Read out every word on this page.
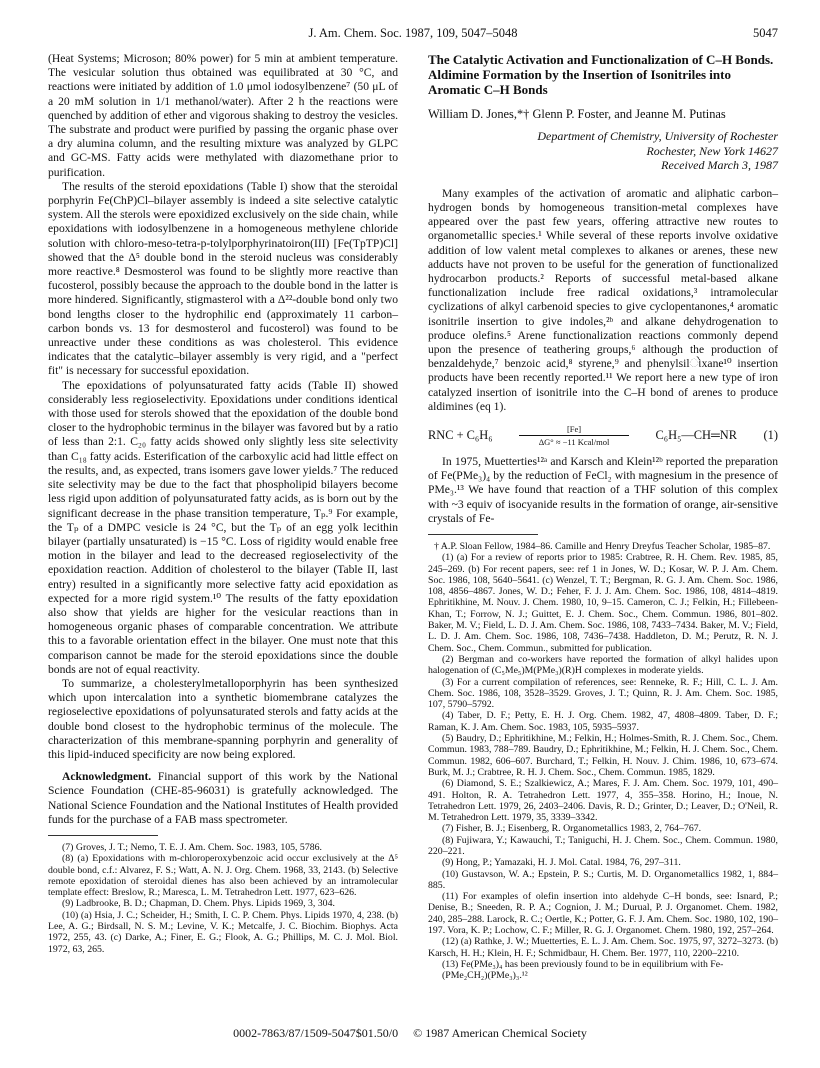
J. Am. Chem. Soc. 1987, 109, 5047–5048	5047

(Heat Systems; Microson; 80% power) for 5 min at ambient temperature. The vesicular solution thus obtained was equilibrated at 30 °C, and reactions were initiated by addition of 1.0 μmol iodosylbenzene⁷ (50 μL of a 20 mM solution in 1/1 methanol/water). After 2 h the reactions were quenched by addition of ether and vigorous shaking to destroy the vesicles. The substrate and product were purified by passing the organic phase over a dry alumina column, and the resulting mixture was analyzed by GLPC and GC-MS. Fatty acids were methylated with diazomethane prior to purification.

The results of the steroid epoxidations (Table I) show that the steroidal porphyrin Fe(ChP)Cl–bilayer assembly is indeed a site selective catalytic system. All the sterols were epoxidized exclusively on the side chain, while epoxidations with iodosylbenzene in a homogeneous methylene chloride solution with chloro-meso-tetra-p-tolylporphyrinatoiron(III) [Fe(TpTP)Cl] showed that the Δ⁵ double bond in the steroid nucleus was considerably more reactive.⁸ Desmosterol was found to be slightly more reactive than fucosterol, possibly because the approach to the double bond in the latter is more hindered. Significantly, stigmasterol with a Δ²²-double bond only two bond lengths closer to the hydrophilic end (approximately 11 carbon–carbon bonds vs. 13 for desmosterol and fucosterol) was found to be unreactive under these conditions as was cholesterol. This evidence indicates that the catalytic–bilayer assembly is very rigid, and a "perfect fit" is necessary for successful epoxidation.

The epoxidations of polyunsaturated fatty acids (Table II) showed considerably less regioselectivity. Epoxidations under conditions identical with those used for sterols showed that the epoxidation of the double bond closer to the hydrophobic terminus in the bilayer was favored but by a ratio of less than 2:1. C₂₀ fatty acids showed only slightly less site selectivity than C₁₈ fatty acids. Esterification of the carboxylic acid had little effect on the results, and, as expected, trans isomers gave lower yields.⁷ The reduced site selectivity may be due to the fact that phospholipid bilayers become less rigid upon addition of polyunsaturated fatty acids, as is born out by the significant decrease in the phase transition temperature, Tₚ.⁹ For example, the Tₚ of a DMPC vesicle is 24 °C, but the Tₚ of an egg yolk lecithin bilayer (partially unsaturated) is −15 °C. Loss of rigidity would enable free motion in the bilayer and lead to the decreased regioselectivity of the epoxidation reaction. Addition of cholesterol to the bilayer (Table II, last entry) resulted in a significantly more selective fatty acid epoxidation as expected for a more rigid system.¹⁰ The results of the fatty epoxidation also show that yields are higher for the vesicular reactions than in homogeneous organic phases of comparable concentration. We attribute this to a favorable orientation effect in the bilayer. One must note that this comparison cannot be made for the steroid epoxidations since the double bonds are not of equal reactivity.

To summarize, a cholesterylmetalloporphyrin has been synthesized which upon intercalation into a synthetic biomembrane catalyzes the regioselective epoxidations of polyunsaturated sterols and fatty acids at the double bond closest to the hydrophobic terminus of the molecule. The characterization of this membrane-spanning porphyrin and generality of this lipid-induced specificity are now being explored.

Acknowledgment. Financial support of this work by the National Science Foundation (CHE-85-96031) is gratefully acknowledged. The National Science Foundation and the National Institutes of Health provided funds for the purchase of a FAB mass spectrometer.

(7) Groves, J. T.; Nemo, T. E. J. Am. Chem. Soc. 1983, 105, 5786.

(8) (a) Epoxidations with m-chloroperoxybenzoic acid occur exclusively at the Δ⁵ double bond, c.f.: Alvarez, F. S.; Watt, A. N. J. Org. Chem. 1968, 33, 2143. (b) Selective remote epoxidation of steroidal dienes has also been achieved by an intramolecular template effect: Breslow, R.; Maresca, L. M. Tetrahedron Lett. 1977, 623–626.

(9) Ladbrooke, B. D.; Chapman, D. Chem. Phys. Lipids 1969, 3, 304.

(10) (a) Hsia, J. C.; Scheider, H.; Smith, I. C. P. Chem. Phys. Lipids 1970, 4, 238. (b) Lee, A. G.; Birdsall, N. S. M.; Levine, V. K.; Metcalfe, J. C. Biochim. Biophys. Acta 1972, 255, 43. (c) Darke, A.; Finer, E. G.; Flook, A. G.; Phillips, M. C. J. Mol. Biol. 1972, 63, 265.

The Catalytic Activation and Functionalization of C–H Bonds. Aldimine Formation by the Insertion of Isonitriles into Aromatic C–H Bonds
William D. Jones,*† Glenn P. Foster, and Jeanne M. Putinas
Department of Chemistry, University of Rochester
Rochester, New York 14627
Received March 3, 1987

Many examples of the activation of aromatic and aliphatic carbon–hydrogen bonds by homogeneous transition-metal complexes have appeared over the past few years, offering attractive new routes to organometallic species.¹ While several of these reports involve oxidative addition of low valent metal complexes to alkanes or arenes, these new adducts have not proven to be useful for the generation of functionalized hydrocarbon products.² Reports of successful metal-based alkane functionalization include free radical oxidations,³ intramolecular cyclizations of alkyl carbenoid species to give cyclopentanones,⁴ aromatic isonitrile insertion to give indoles,²ᵇ and alkane dehydrogenation to produce olefins.⁵ Arene functionalization reactions commonly depend upon the presence of teathering groups,⁶ although the production of benzaldehyde,⁷ benzoic acid,⁸ styrene,⁹ and phenylsilોxane¹⁰ insertion products have been recently reported.¹¹ We report here a new type of iron catalyzed insertion of isonitrile into the C–H bond of arenes to produce aldimines (eq 1).

RNC + C₆H₆	[Fe]
ΔG° ≈ −11 Kcal/mol	C₆H₅—CH═NR (1)

In 1975, Muetterties¹²ᵃ and Karsch and Klein¹²ᵇ reported the preparation of Fe(PMe₃)₄ by the reduction of FeCl₂ with magnesium in the presence of PMe₃.¹³ We have found that reaction of a THF solution of this complex with ~3 equiv of isocyanide results in the formation of orange, air-sensitive crystals of Fe-

† A.P. Sloan Fellow, 1984–86. Camille and Henry Dreyfus Teacher Scholar, 1985–87.

(1) (a) For a review of reports prior to 1985: Crabtree, R. H. Chem. Rev. 1985, 85, 245–269. (b) For recent papers, see: ref 1 in Jones, W. D.; Kosar, W. P. J. Am. Chem. Soc. 1986, 108, 5640–5641. (c) Wenzel, T. T.; Bergman, R. G. J. Am. Chem. Soc. 1986, 108, 4856–4867. Jones, W. D.; Feher, F. J. J. Am. Chem. Soc. 1986, 108, 4814–4819. Ephritikhine, M. Nouv. J. Chem. 1980, 10, 9–15. Cameron, C. J.; Felkin, H.; Fillebeen-Khan, T.; Forrow, N. J.; Guittet, E. J. Chem. Soc., Chem. Commun. 1986, 801–802. Baker, M. V.; Field, L. D. J. Am. Chem. Soc. 1986, 108, 7433–7434. Baker, M. V.; Field, L. D. J. Am. Chem. Soc. 1986, 108, 7436–7438. Haddleton, D. M.; Perutz, R. N. J. Chem. Soc., Chem. Commun., submitted for publication.

(2) Bergman and co-workers have reported the formation of alkyl halides upon halogenation of (C₅Me₅)M(PMe₃)(R)H complexes in moderate yields.

(3) For a current compilation of references, see: Renneke, R. F.; Hill, C. L. J. Am. Chem. Soc. 1986, 108, 3528–3529. Groves, J. T.; Quinn, R. J. Am. Chem. Soc. 1985, 107, 5790–5792.

(4) Taber, D. F.; Petty, E. H. J. Org. Chem. 1982, 47, 4808–4809. Taber, D. F.; Raman, K. J. Am. Chem. Soc. 1983, 105, 5935–5937.

(5) Baudry, D.; Ephritikhine, M.; Felkin, H.; Holmes-Smith, R. J. Chem. Soc., Chem. Commun. 1983, 788–789. Baudry, D.; Ephritikhine, M.; Felkin, H. J. Chem. Soc., Chem. Commun. 1982, 606–607. Burchard, T.; Felkin, H. Nouv. J. Chim. 1986, 10, 673–674. Burk, M. J.; Crabtree, R. H. J. Chem. Soc., Chem. Commun. 1985, 1829.

(6) Diamond, S. E.; Szalkiewicz, A.; Mares, F. J. Am. Chem. Soc. 1979, 101, 490–491. Holton, R. A. Tetrahedron Lett. 1977, 4, 355–358. Horino, H.; Inoue, N. Tetrahedron Lett. 1979, 26, 2403–2406. Davis, R. D.; Grinter, D.; Leaver, D.; O'Neil, R. M. Tetrahedron Lett. 1979, 35, 3339–3342.

(7) Fisher, B. J.; Eisenberg, R. Organometallics 1983, 2, 764–767.

(8) Fujiwara, Y.; Kawauchi, T.; Taniguchi, H. J. Chem. Soc., Chem. Commun. 1980, 220–221.

(9) Hong, P.; Yamazaki, H. J. Mol. Catal. 1984, 76, 297–311.

(10) Gustavson, W. A.; Epstein, P. S.; Curtis, M. D. Organometallics 1982, 1, 884–885.

(11) For examples of olefin insertion into aldehyde C–H bonds, see: Isnard, P.; Denise, B.; Sneeden, R. P. A.; Cognion, J. M.; Durual, P. J. Organomet. Chem. 1982, 240, 285–288. Larock, R. C.; Oertle, K.; Potter, G. F. J. Am. Chem. Soc. 1980, 102, 190–197. Vora, K. P.; Lochow, C. F.; Miller, R. G. J. Organomet. Chem. 1980, 192, 257–264.

(12) (a) Rathke, J. W.; Muetterties, E. L. J. Am. Chem. Soc. 1975, 97, 3272–3273. (b) Karsch, H. H.; Klein, H. F.; Schmidbaur, H. Chem. Ber. 1977, 110, 2200–2210.

(13) Fe(PMe₃)₄ has been previously found to be in equilibrium with Fe-

(PMe₂CH₂)(PMe₃)₃.¹²

0002-7863/87/1509-5047$01.50/0 © 1987 American Chemical Society
